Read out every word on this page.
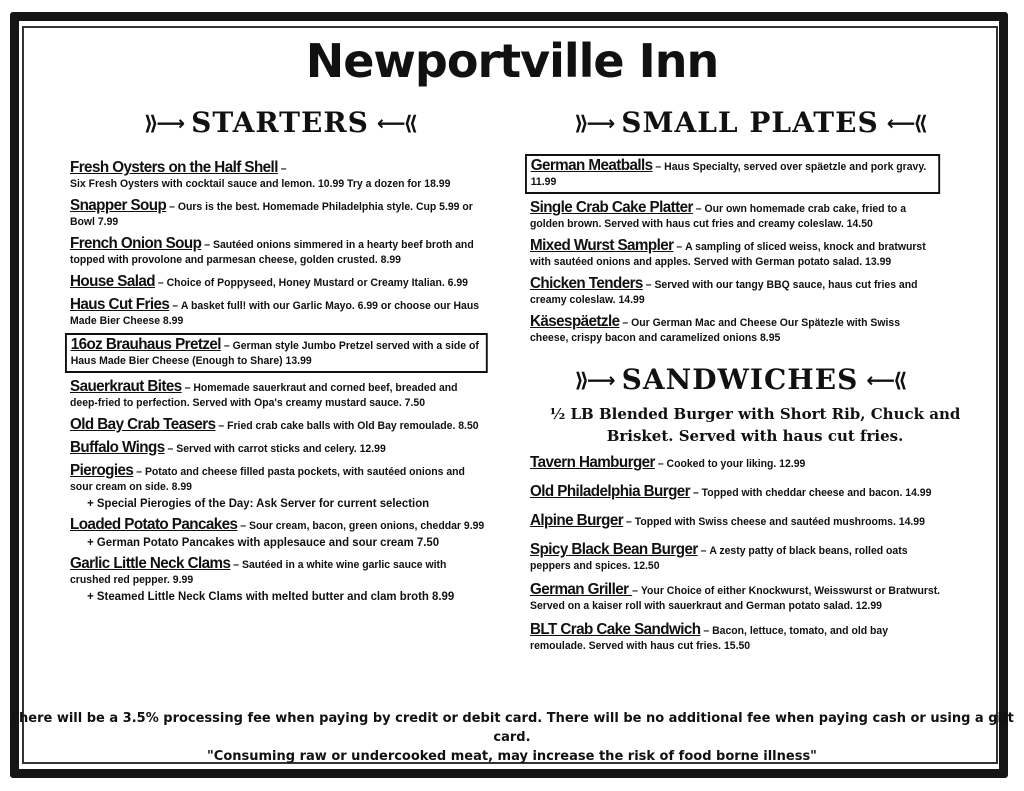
Newportville Inn
⟫⟶ STARTERS ⟵⟪	⟫⟶ SMALL PLATES ⟵⟪
Fresh Oysters on the Half Shell –
Six Fresh Oysters with cocktail sauce and lemon. 10.99 Try a dozen for 18.99
Snapper Soup – Ours is the best. Homemade Philadelphia style. Cup 5.99 or Bowl 7.99
French Onion Soup – Sautéed onions simmered in a hearty beef broth and topped with provolone and parmesan cheese, golden crusted. 8.99
House Salad – Choice of Poppyseed, Honey Mustard or Creamy Italian. 6.99
Haus Cut Fries – A basket full! with our Garlic Mayo. 6.99 or choose our Haus Made Bier Cheese 8.99
16oz Brauhaus Pretzel – German style Jumbo Pretzel served with a side of Haus Made Bier Cheese (Enough to Share) 13.99
Sauerkraut Bites – Homemade sauerkraut and corned beef, breaded and deep-fried to perfection. Served with Opa's creamy mustard sauce. 7.50
Old Bay Crab Teasers – Fried crab cake balls with Old Bay remoulade. 8.50
Buffalo Wings – Served with carrot sticks and celery. 12.99
Pierogies – Potato and cheese filled pasta pockets, with sautéed onions and sour cream on side. 8.99
+ Special Pierogies of the Day: Ask Server for current selection
Loaded Potato Pancakes – Sour cream, bacon, green onions, cheddar 9.99
+ German Potato Pancakes with applesauce and sour cream 7.50
Garlic Little Neck Clams – Sautéed in a white wine garlic sauce with crushed red pepper. 9.99
+ Steamed Little Neck Clams with melted butter and clam broth 8.99
German Meatballs – Haus Specialty, served over späetzle and pork gravy. 11.99
Single Crab Cake Platter – Our own homemade crab cake, fried to a golden brown. Served with haus cut fries and creamy coleslaw. 14.50
Mixed Wurst Sampler – A sampling of sliced weiss, knock and bratwurst with sautéed onions and apples. Served with German potato salad. 13.99
Chicken Tenders – Served with our tangy BBQ sauce, haus cut fries and creamy coleslaw. 14.99
Käsespäetzle – Our German Mac and Cheese Our Spätezle with Swiss cheese, crispy bacon and caramelized onions 8.95
⟫⟶ SANDWICHES ⟵⟪
½ LB Blended Burger with Short Rib, Chuck and Brisket. Served with haus cut fries.
Tavern Hamburger – Cooked to your liking. 12.99
Old Philadelphia Burger – Topped with cheddar cheese and bacon. 14.99
Alpine Burger – Topped with Swiss cheese and sautéed mushrooms. 14.99
Spicy Black Bean Burger – A zesty patty of black beans, rolled oats peppers and spices. 12.50
German Griller – Your Choice of either Knockwurst, Weisswurst or Bratwurst. Served on a kaiser roll with sauerkraut and German potato salad. 12.99
BLT Crab Cake Sandwich – Bacon, lettuce, tomato, and old bay remoulade. Served with haus cut fries. 15.50
There will be a 3.5% processing fee when paying by credit or debit card. There will be no additional fee when paying cash or using a gift card.
"Consuming raw or undercooked meat, may increase the risk of food borne illness"
